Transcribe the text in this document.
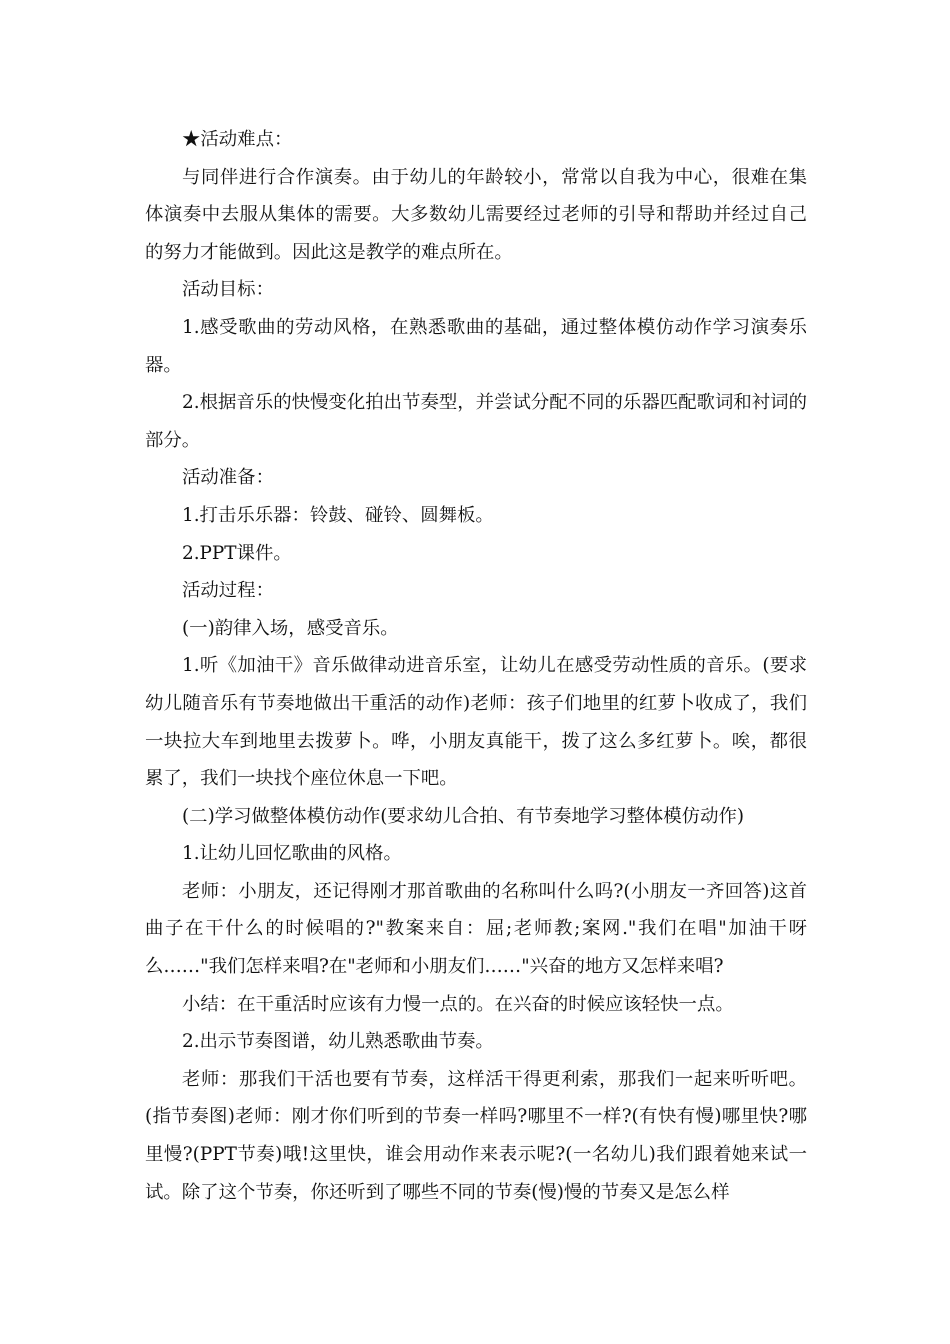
★活动难点：

与同伴进行合作演奏。由于幼儿的年龄较小，常常以自我为中心，很难在集体演奏中去服从集体的需要。大多数幼儿需要经过老师的引导和帮助并经过自己的努力才能做到。因此这是教学的难点所在。

活动目标：

1.感受歌曲的劳动风格，在熟悉歌曲的基础，通过整体模仿动作学习演奏乐器。

2.根据音乐的快慢变化拍出节奏型，并尝试分配不同的乐器匹配歌词和衬词的部分。

活动准备：

1.打击乐乐器：铃鼓、碰铃、圆舞板。

2.PPT课件。

活动过程：

(一)韵律入场，感受音乐。

1.听《加油干》音乐做律动进音乐室，让幼儿在感受劳动性质的音乐。(要求幼儿随音乐有节奏地做出干重活的动作)老师：孩子们地里的红萝卜收成了，我们一块拉大车到地里去拨萝卜。哗，小朋友真能干，拨了这么多红萝卜。唉，都很累了，我们一块找个座位休息一下吧。

(二)学习做整体模仿动作(要求幼儿合拍、有节奏地学习整体模仿动作)

1.让幼儿回忆歌曲的风格。

老师：小朋友，还记得刚才那首歌曲的名称叫什么吗?(小朋友一齐回答)这首曲子在干什么的时候唱的?"教案来自：屈;老师教;案网."我们在唱"加油干呀么……"我们怎样来唱?在"老师和小朋友们……"兴奋的地方又怎样来唱?

小结：在干重活时应该有力慢一点的。在兴奋的时候应该轻快一点。

2.出示节奏图谱，幼儿熟悉歌曲节奏。

老师：那我们干活也要有节奏，这样活干得更利索，那我们一起来听听吧。(指节奏图)老师：刚才你们听到的节奏一样吗?哪里不一样?(有快有慢)哪里快?哪里慢?(PPT节奏)哦!这里快，谁会用动作来表示呢?(一名幼儿)我们跟着她来试一试。除了这个节奏，你还听到了哪些不同的节奏(慢)慢的节奏又是怎么样
